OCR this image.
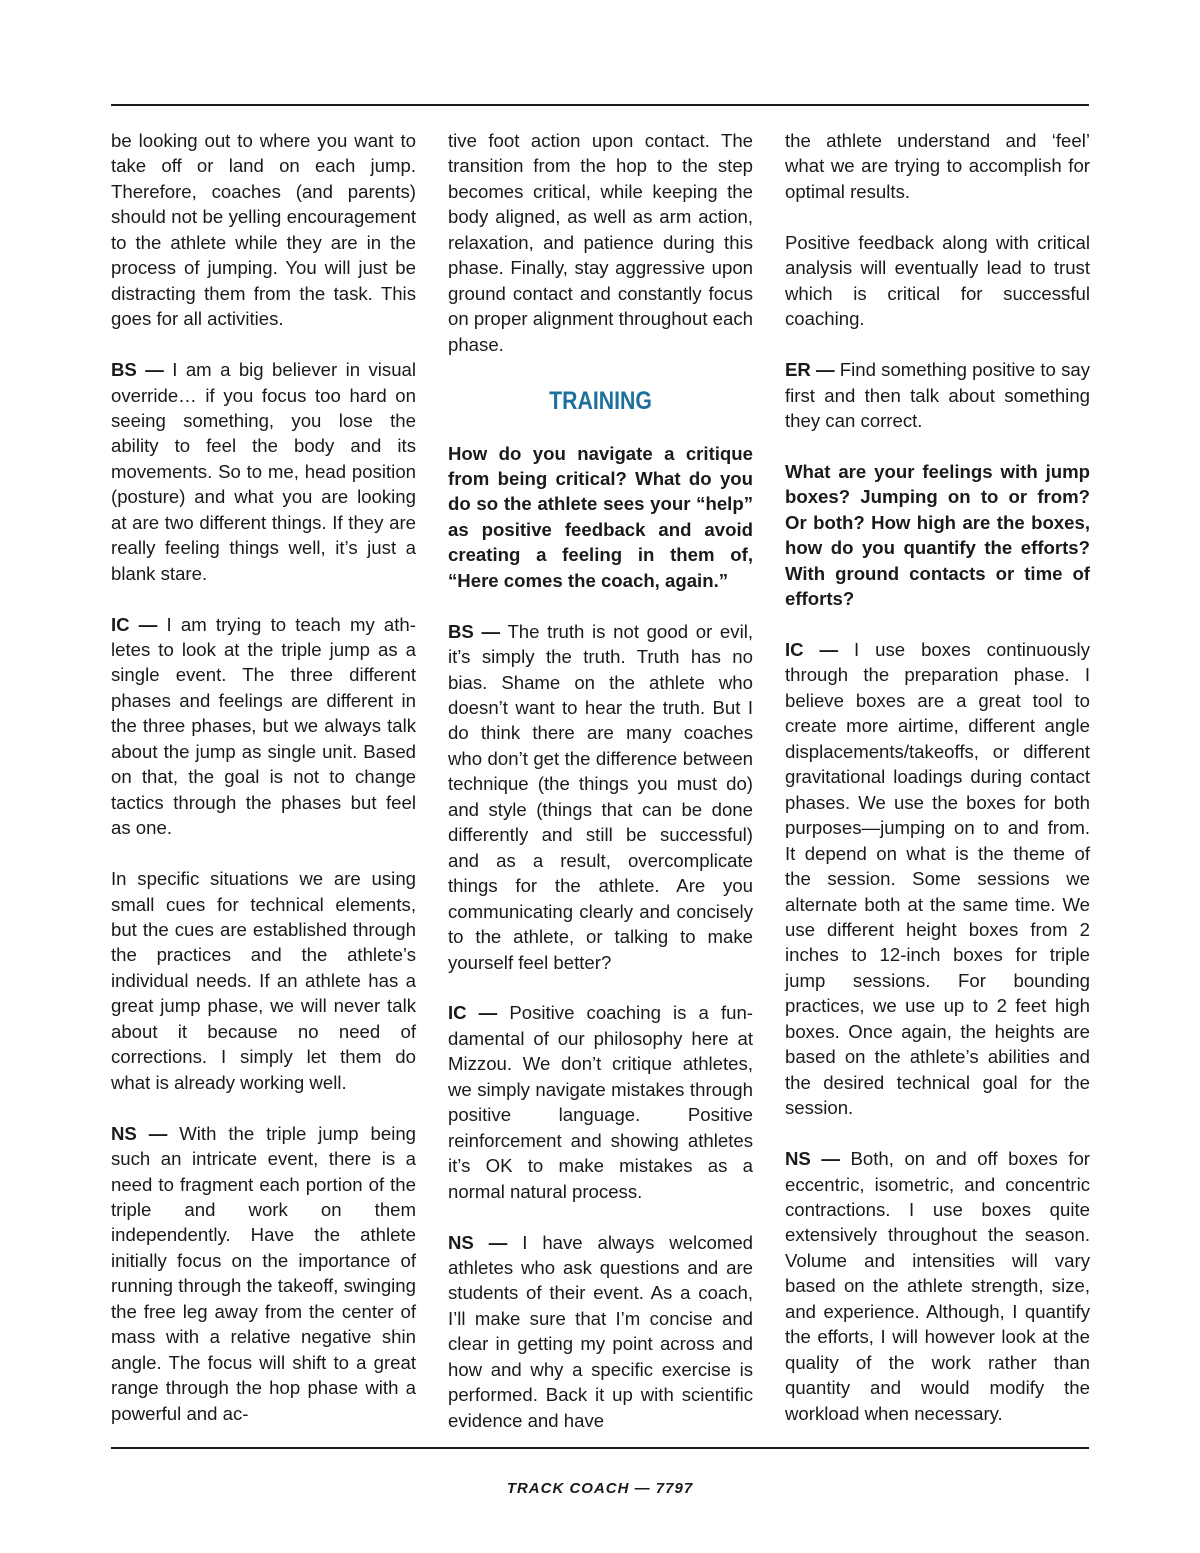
be looking out to where you want to take off or land on each jump. Therefore, coaches (and parents) should not be yelling encouragement to the athlete while they are in the process of jumping. You will just be distracting them from the task. This goes for all activities.

BS — I am a big believer in visual override… if you focus too hard on seeing something, you lose the ability to feel the body and its movements. So to me, head position (posture) and what you are looking at are two different things. If they are really feeling things well, it’s just a blank stare.

IC — I am trying to teach my athletes to look at the triple jump as a single event. The three different phases and feelings are different in the three phases, but we always talk about the jump as single unit. Based on that, the goal is not to change tactics through the phases but feel as one.

In specific situations we are using small cues for technical elements, but the cues are established through the practices and the athlete’s individual needs. If an athlete has a great jump phase, we will never talk about it because no need of corrections. I simply let them do what is already working well.

NS — With the triple jump being such an intricate event, there is a need to fragment each portion of the triple and work on them independently. Have the athlete initially focus on the importance of running through the takeoff, swinging the free leg away from the center of mass with a relative negative shin angle. The focus will shift to a great range through the hop phase with a powerful and ac-

tive foot action upon contact. The transition from the hop to the step becomes critical, while keeping the body aligned, as well as arm action, relaxation, and patience during this phase. Finally, stay aggressive upon ground contact and constantly focus on proper alignment throughout each phase.

TRAINING

How do you navigate a critique from being critical? What do you do so the athlete sees your “help” as positive feedback and avoid creating a feeling in them of, “Here comes the coach, again.”

BS — The truth is not good or evil, it’s simply the truth. Truth has no bias. Shame on the athlete who doesn’t want to hear the truth. But I do think there are many coaches who don’t get the difference between technique (the things you must do) and style (things that can be done differently and still be successful) and as a result, overcomplicate things for the athlete. Are you communicating clearly and concisely to the athlete, or talking to make yourself feel better?

IC — Positive coaching is a fundamental of our philosophy here at Mizzou. We don’t critique athletes, we simply navigate mistakes through positive language. Positive reinforcement and showing athletes it’s OK to make mistakes as a normal natural process.

NS — I have always welcomed athletes who ask questions and are students of their event. As a coach, I’ll make sure that I’m concise and clear in getting my point across and how and why a specific exercise is performed. Back it up with scientific evidence and have

the athlete understand and ‘feel’ what we are trying to accomplish for optimal results.

Positive feedback along with critical analysis will eventually lead to trust which is critical for successful coaching.

ER — Find something positive to say first and then talk about something they can correct.

What are your feelings with jump boxes? Jumping on to or from? Or both? How high are the boxes, how do you quantify the efforts? With ground contacts or time of efforts?

IC — I use boxes continuously through the preparation phase. I believe boxes are a great tool to create more airtime, different angle displacements/takeoffs, or different gravitational loadings during contact phases. We use the boxes for both purposes—jumping on to and from. It depend on what is the theme of the session. Some sessions we alternate both at the same time. We use different height boxes from 2 inches to 12-inch boxes for triple jump sessions. For bounding practices, we use up to 2 feet high boxes. Once again, the heights are based on the athlete’s abilities and the desired technical goal for the session.

NS — Both, on and off boxes for eccentric, isometric, and concentric contractions. I use boxes quite extensively throughout the season. Volume and intensities will vary based on the athlete strength, size, and experience. Although, I quantify the efforts, I will however look at the quality of the work rather than quantity and would modify the workload when necessary.

TRACK COACH — 7797
